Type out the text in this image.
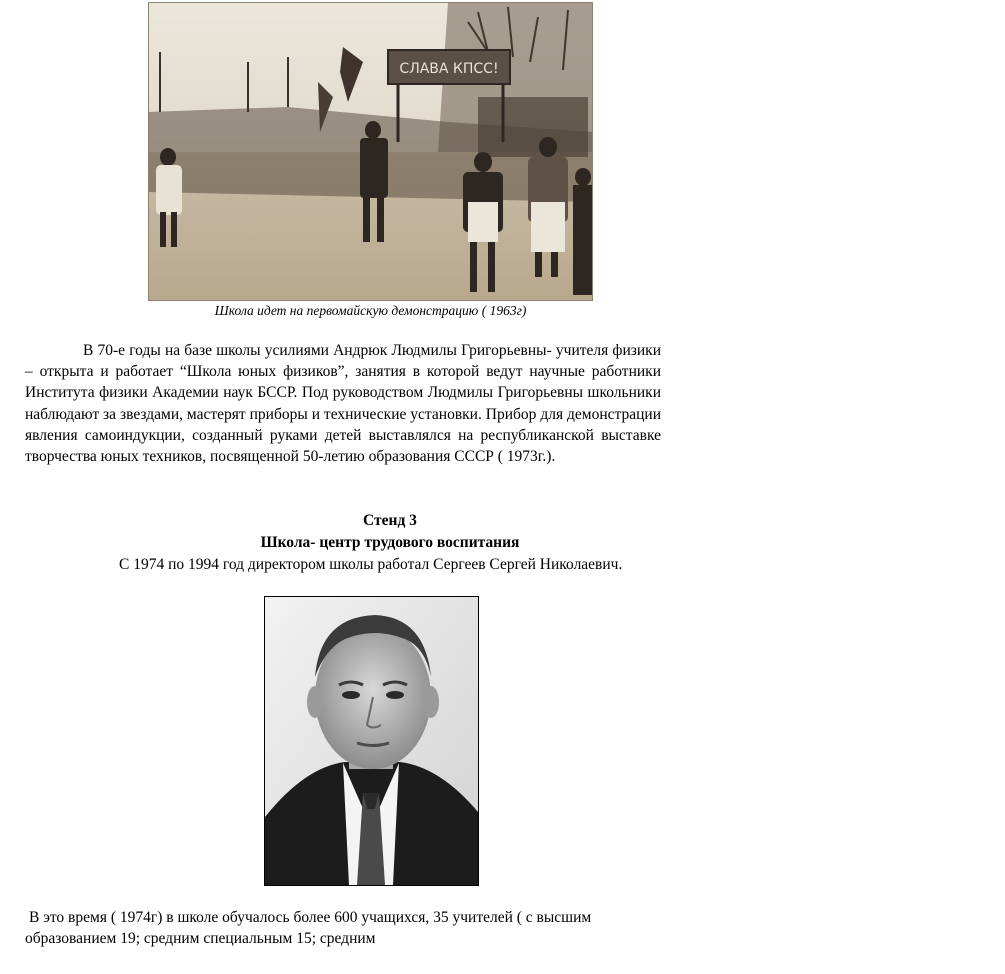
СЛАВА КПСС!
Школа идет на первомайскую демонстрацию ( 1963г)
В 70-е годы на базе школы усилиями Андрюк Людмилы Григорьевны- учителя физики – открыта и работает “Школа юных физиков”, занятия в которой ведут научные работники Института физики Академии наук БССР. Под руководством Людмилы Григорьевны школьники наблюдают за звездами, мастерят приборы и технические установки. Прибор для демонстрации явления самоиндукции, созданный руками детей выставлялся на республиканской выставке творчества юных техников, посвященной 50-летию образования СССР ( 1973г.).
Стенд 3
Школа- центр трудового воспитания
С 1974 по 1994 год директором школы работал Сергеев Сергей Николаевич.
В это время ( 1974г) в школе обучалось более 600 учащихся, 35 учителей ( с высшим образованием 19; средним специальным 15; средним
